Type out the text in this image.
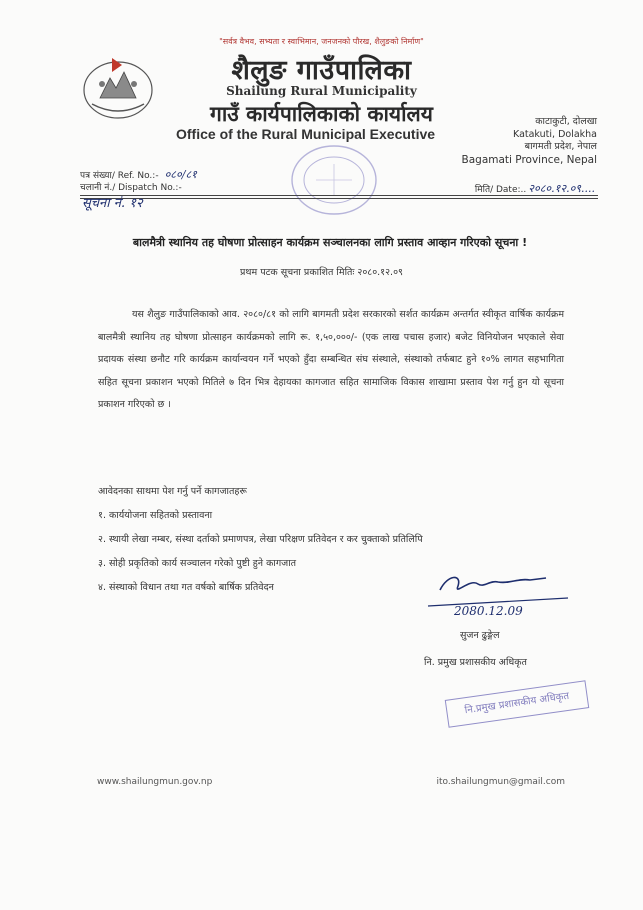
"सर्वत्र वैभव, सभ्यता र स्वाभिमान, जनजनको पौरख, शैलुङको निर्माण"
शैलुङ गाउँपालिका
Shailung Rural Municipality
गाउँ कार्यपालिकाको कार्यालय
Office of the Rural Municipal Executive
काटाकुटी, दोलखा
Katakuti, Dolakha
बागमती प्रदेश, नेपाल
Bagamati Province, Nepal
पत्र संख्या/ Ref. No.:- ०८०/८१
चलानी नं./ Dispatch No.:-	मिति/ Date:.. २०८०.१२.०९....
सूचना नं. १२
बालमैत्री स्थानिय तह घोषणा प्रोत्साहन कार्यक्रम सञ्चालनका लागि प्रस्ताव आव्हान गरिएको सूचना !
प्रथम पटक सूचना प्रकाशित मितिः २०८०.१२.०९

यस शैलुङ गाउँपालिकाको आव. २०८०/८१ को लागि बागमती प्रदेश सरकारको सर्शत कार्यक्रम अन्तर्गत स्वीकृत वार्षिक कार्यक्रम बालमैत्री स्थानिय तह घोषणा प्रोत्साहन कार्यक्रमको लागि रू. १,५०,०००/- (एक लाख पचास हजार) बजेट विनियोजन भएकाले सेवा प्रदायक संस्था छनौट गरि कार्यक्रम कार्यान्वयन गर्ने भएको हुँदा सम्बन्धित संघ संस्थाले, संस्थाको तर्फबाट हुने १०% लागत सहभागिता सहित सूचना प्रकाशन भएको मितिले ७ दिन भित्र देहायका कागजात सहित सामाजिक विकास शाखामा प्रस्ताव पेश गर्नु हुन यो सूचना प्रकाशन गरिएको छ ।

आवेदनका साथमा पेश गर्नु पर्ने कागजातहरू
१. कार्ययोजना सहितको प्रस्तावना
२. स्थायी लेखा नम्बर, संस्था दर्ताको प्रमाणपत्र, लेखा परिक्षण प्रतिवेदन र कर चुक्ताको प्रतिलिपि
३. सोही प्रकृतिको कार्य सञ्चालन गरेको पुष्टी हुने कागजात
४. संस्थाको विधान तथा गत वर्षको बार्षिक प्रतिवेदन
2080.12.09
सुजन ढुङ्गेल
नि. प्रमुख प्रशासकीय अधिकृत
नि.प्रमुख प्रशासकीय अधिकृत
www.shailungmun.gov.np	ito.shailungmun@gmail.com
